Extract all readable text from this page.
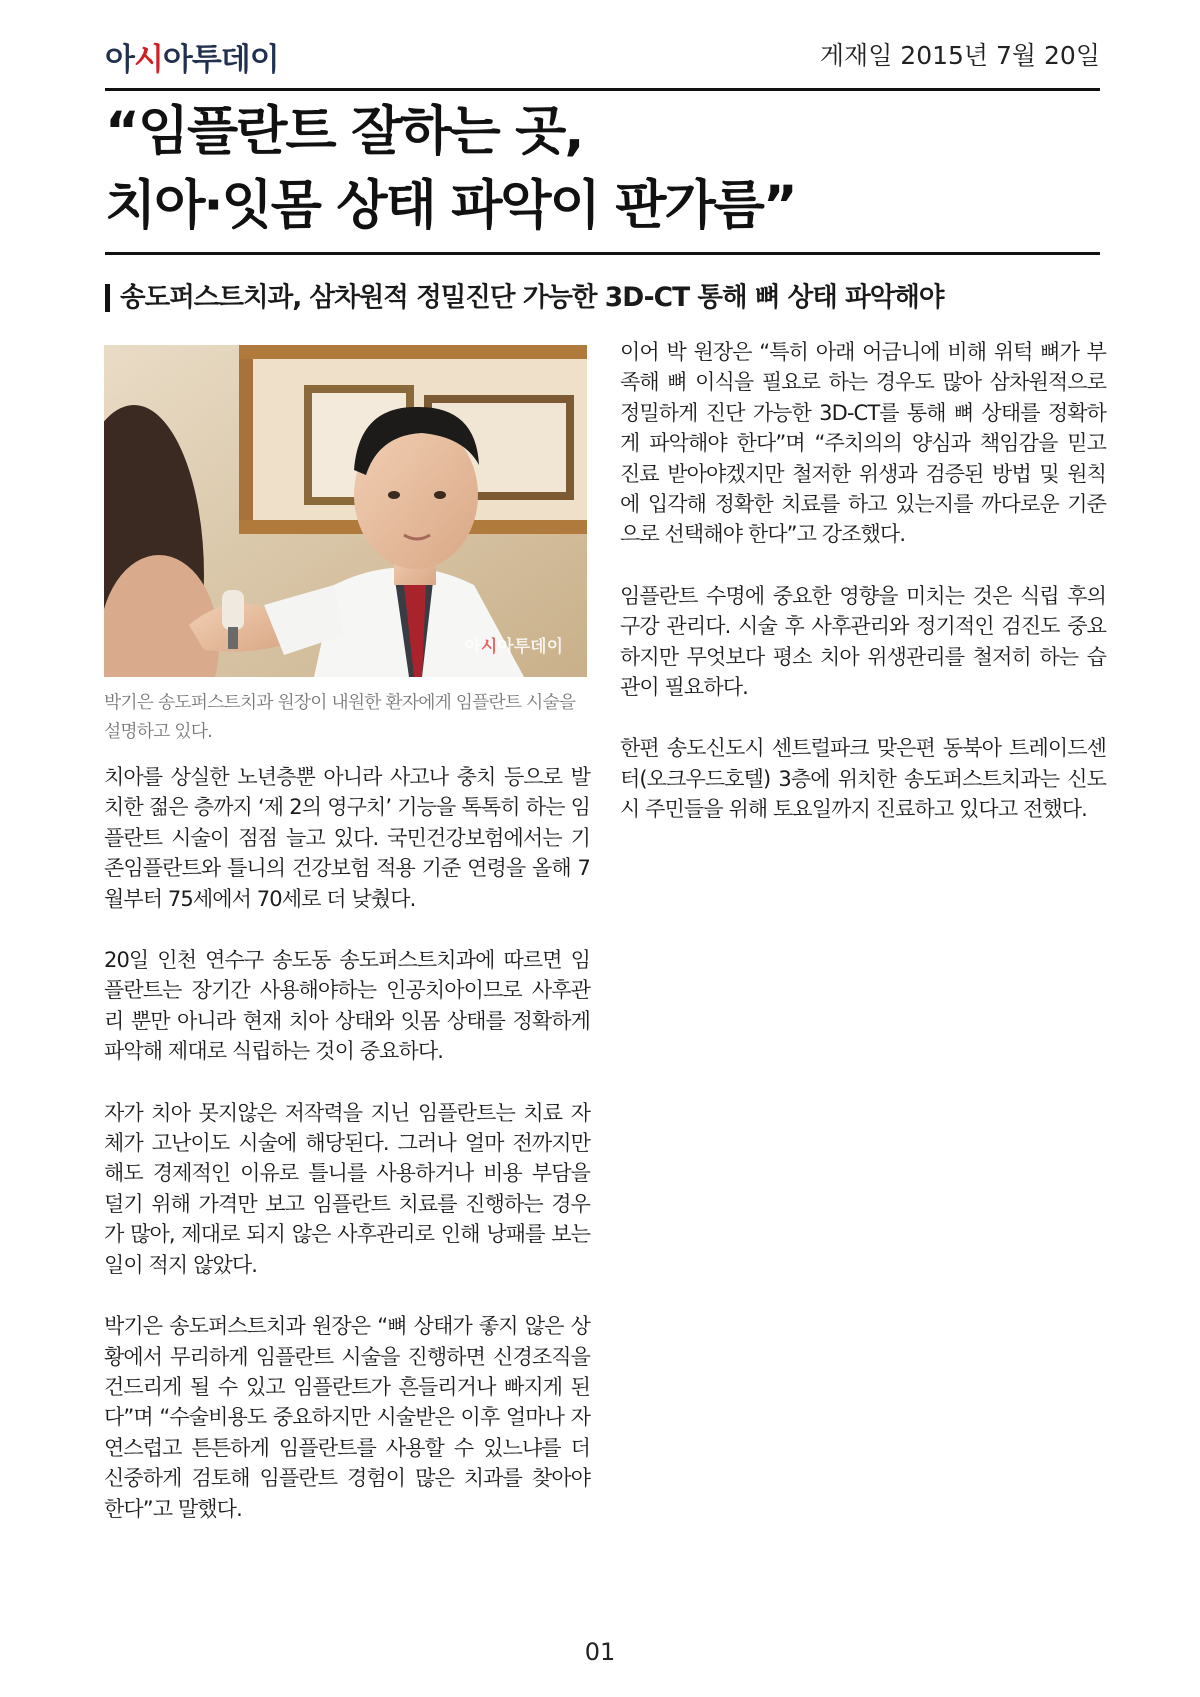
아시아투데이	게재일 2015년 7월 20일
“임플란트 잘하는 곳,
치아·잇몸 상태 파악이 판가름”
송도퍼스트치과, 삼차원적 정밀진단 가능한 3D-CT 통해 뼈 상태 파악해야
아시아투데이

박기은 송도퍼스트치과 원장이 내원한 환자에게 임플란트 시술을 설명하고 있다.

치아를 상실한 노년층뿐 아니라 사고나 충치 등으로 발치한 젊은 층까지 ‘제 2의 영구치’ 기능을 톡톡히 하는 임플란트 시술이 점점 늘고 있다. 국민건강보험에서는 기존임플란트와 틀니의 건강보험 적용 기준 연령을 올해 7월부터 75세에서 70세로 더 낮췄다.

20일 인천 연수구 송도동 송도퍼스트치과에 따르면 임플란트는 장기간 사용해야하는 인공치아이므로 사후관리 뿐만 아니라 현재 치아 상태와 잇몸 상태를 정확하게 파악해 제대로 식립하는 것이 중요하다.

자가 치아 못지않은 저작력을 지닌 임플란트는 치료 자체가 고난이도 시술에 해당된다. 그러나 얼마 전까지만 해도 경제적인 이유로 틀니를 사용하거나 비용 부담을 덜기 위해 가격만 보고 임플란트 치료를 진행하는 경우가 많아, 제대로 되지 않은 사후관리로 인해 낭패를 보는 일이 적지 않았다.

박기은 송도퍼스트치과 원장은 “뼈 상태가 좋지 않은 상황에서 무리하게 임플란트 시술을 진행하면 신경조직을 건드리게 될 수 있고 임플란트가 흔들리거나 빠지게 된다”며 “수술비용도 중요하지만 시술받은 이후 얼마나 자연스럽고 튼튼하게 임플란트를 사용할 수 있느냐를 더 신중하게 검토해 임플란트 경험이 많은 치과를 찾아야 한다”고 말했다.

이어 박 원장은 “특히 아래 어금니에 비해 위턱 뼈가 부족해 뼈 이식을 필요로 하는 경우도 많아 삼차원적으로 정밀하게 진단 가능한 3D-CT를 통해 뼈 상태를 정확하게 파악해야 한다”며 “주치의의 양심과 책임감을 믿고 진료 받아야겠지만 철저한 위생과 검증된 방법 및 원칙에 입각해 정확한 치료를 하고 있는지를 까다로운 기준으로 선택해야 한다”고 강조했다.

임플란트 수명에 중요한 영향을 미치는 것은 식립 후의 구강 관리다. 시술 후 사후관리와 정기적인 검진도 중요하지만 무엇보다 평소 치아 위생관리를 철저히 하는 습관이 필요하다.

한편 송도신도시 센트럴파크 맞은편 동북아 트레이드센터(오크우드호텔) 3층에 위치한 송도퍼스트치과는 신도시 주민들을 위해 토요일까지 진료하고 있다고 전했다.

01
